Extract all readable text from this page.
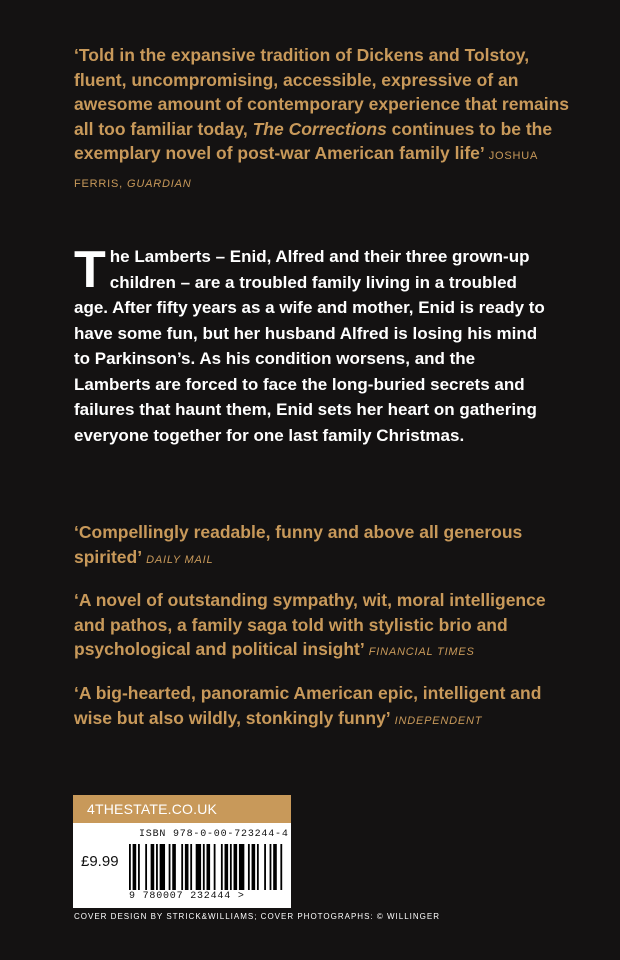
‘Told in the expansive tradition of Dickens and Tolstoy, fluent, uncompromising, accessible, expressive of an awesome amount of contemporary experience that remains all too familiar today, The Corrections continues to be the exemplary novel of post-war American family life’ JOSHUA FERRIS, GUARDIAN
The Lamberts – Enid, Alfred and their three grown-up children – are a troubled family living in a troubled age. After fifty years as a wife and mother, Enid is ready to have some fun, but her husband Alfred is losing his mind to Parkinson’s. As his condition worsens, and the Lamberts are forced to face the long-buried secrets and failures that haunt them, Enid sets her heart on gathering everyone together for one last family Christmas.
‘Compellingly readable, funny and above all generous spirited’ DAILY MAIL
‘A novel of outstanding sympathy, wit, moral intelligence and pathos, a family saga told with stylistic brio and psychological and political insight’ FINANCIAL TIMES
‘A big-hearted, panoramic American epic, intelligent and wise but also wildly, stonkingly funny’ INDEPENDENT
4THESTATE.CO.UK
ISBN 978-0-00-723244-4
£9.99
9 780007 232444 >
COVER DESIGN BY STRICK&WILLIAMS; COVER PHOTOGRAPHS: © WILLINGER
